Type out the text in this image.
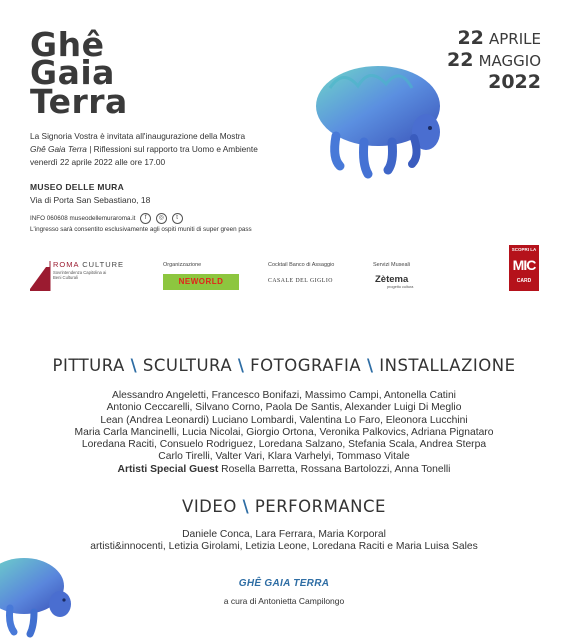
Ghê
Gaia
Terra
22 APRILE
22 MAGGIO
2022
La Signoria Vostra è invitata all'inaugurazione della Mostra
Ghê Gaia Terra | Riflessioni sul rapporto tra Uomo e Ambiente
venerdì 22 aprile 2022 alle ore 17.00
MUSEO DELLE MURA
Via di Porta San Sebastiano, 18
INFO 060608 museodellemuraroma.it f ◎ t
L'ingresso sarà consentito esclusivamente agli ospiti muniti di super green pass
ROMA CULTURE
Sovrintendenza Capitolina ai Beni Culturali
Organizzazione
NEWORLD
Cocktail Banco di Assaggio
CASALE DEL GIGLIO
Servizi Museali
Zètema
progetto cultura
SCOPRI LA
MIC
CARD
PITTURA \ SCULTURA \ FOTOGRAFIA \ INSTALLAZIONE
Alessandro Angeletti, Francesco Bonifazi, Massimo Campi, Antonella Catini
Antonio Ceccarelli, Silvano Corno, Paola De Santis, Alexander Luigi Di Meglio
Lean (Andrea Leonardi) Luciano Lombardi, Valentina Lo Faro, Eleonora Lucchini
Maria Carla Mancinelli, Lucia Nicolai, Giorgio Ortona, Veronika Palkovics, Adriana Pignataro
Loredana Raciti, Consuelo Rodriguez, Loredana Salzano, Stefania Scala, Andrea Sterpa
Carlo Tirelli, Valter Vari, Klara Varhelyi, Tommaso Vitale
Artisti Special Guest Rosella Barretta, Rossana Bartolozzi, Anna Tonelli
VIDEO \ PERFORMANCE
Daniele Conca, Lara Ferrara, Maria Korporal
artisti&innocenti, Letizia Girolami, Letizia Leone, Loredana Raciti e Maria Luisa Sales
GHÊ GAIA TERRA
a cura di Antonietta Campilongo
